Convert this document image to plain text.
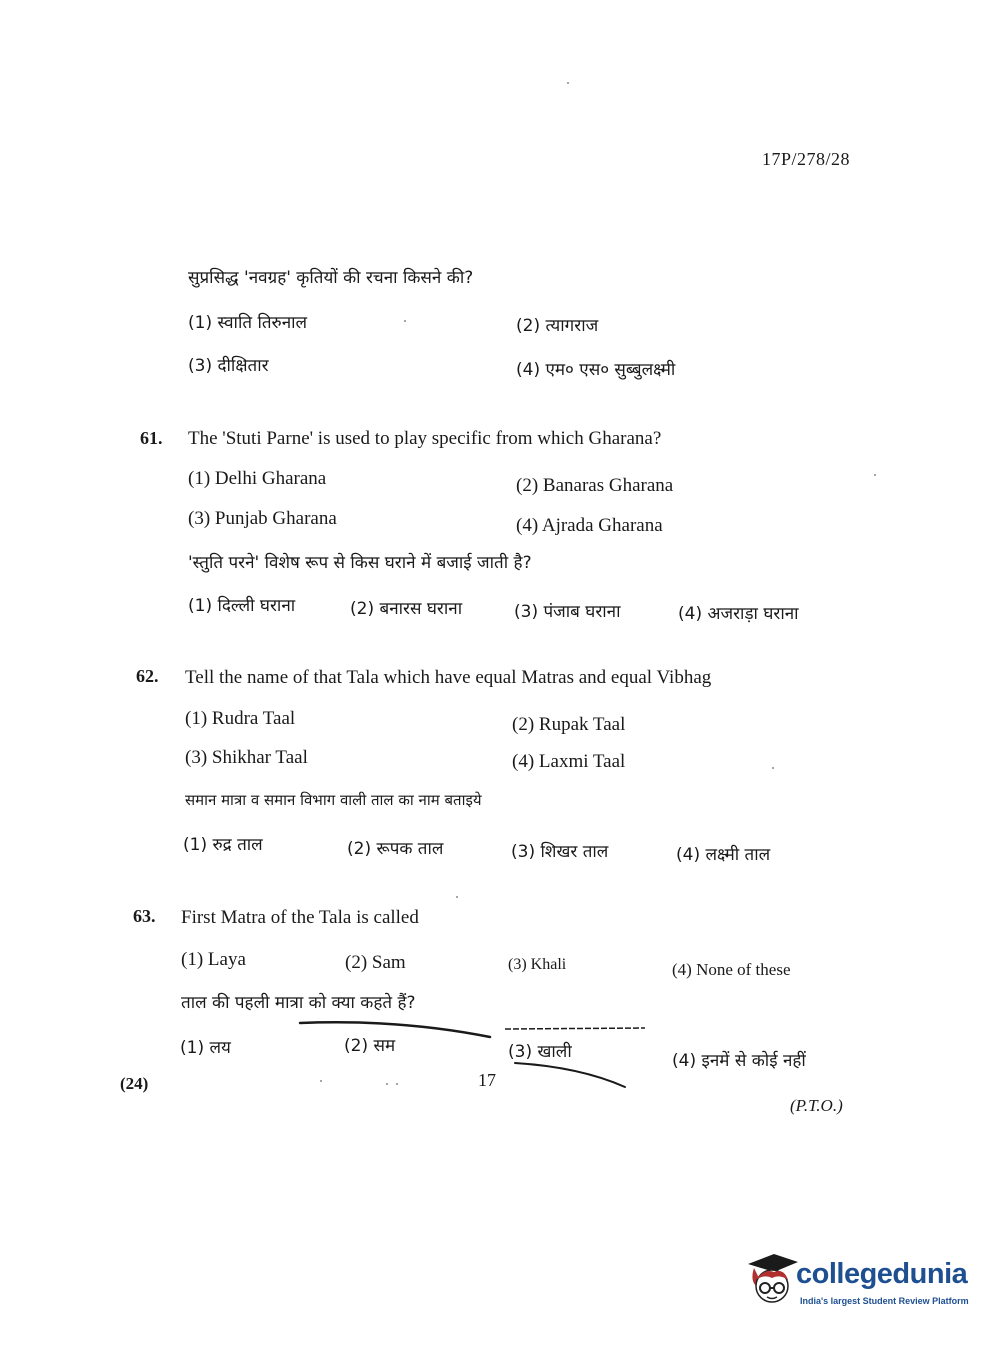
17P/278/28
सुप्रसिद्ध 'नवग्रह' कृतियों की रचना किसने की?
(1) स्वाति तिरुनाल	(2) त्यागराज
(3) दीक्षितार	(4) एम० एस० सुब्बुलक्ष्मी
61. The 'Stuti Parne' is used to play specific from which Gharana?
(1) Delhi Gharana	(2) Banaras Gharana
(3) Punjab Gharana	(4) Ajrada Gharana
'स्तुति परने' विशेष रूप से किस घराने में बजाई जाती है?
(1) दिल्ली घराना	(2) बनारस घराना	(3) पंजाब घराना	(4) अजराड़ा घराना
62. Tell the name of that Tala which have equal Matras and equal Vibhag
(1) Rudra Taal	(2) Rupak Taal
(3) Shikhar Taal	(4) Laxmi Taal
समान मात्रा व समान विभाग वाली ताल का नाम बताइये
(1) रुद्र ताल	(2) रूपक ताल	(3) शिखर ताल	(4) लक्ष्मी ताल
63. First Matra of the Tala is called
(1) Laya	(2) Sam	(3) Khali	(4) None of these
ताल की पहली मात्रा को क्या कहते हैं?
(1) लय	(2) सम	(3) खाली	(4) इनमें से कोई नहीं
(24)	17
(P.T.O.)
collegedunia
India's largest Student Review Platform
